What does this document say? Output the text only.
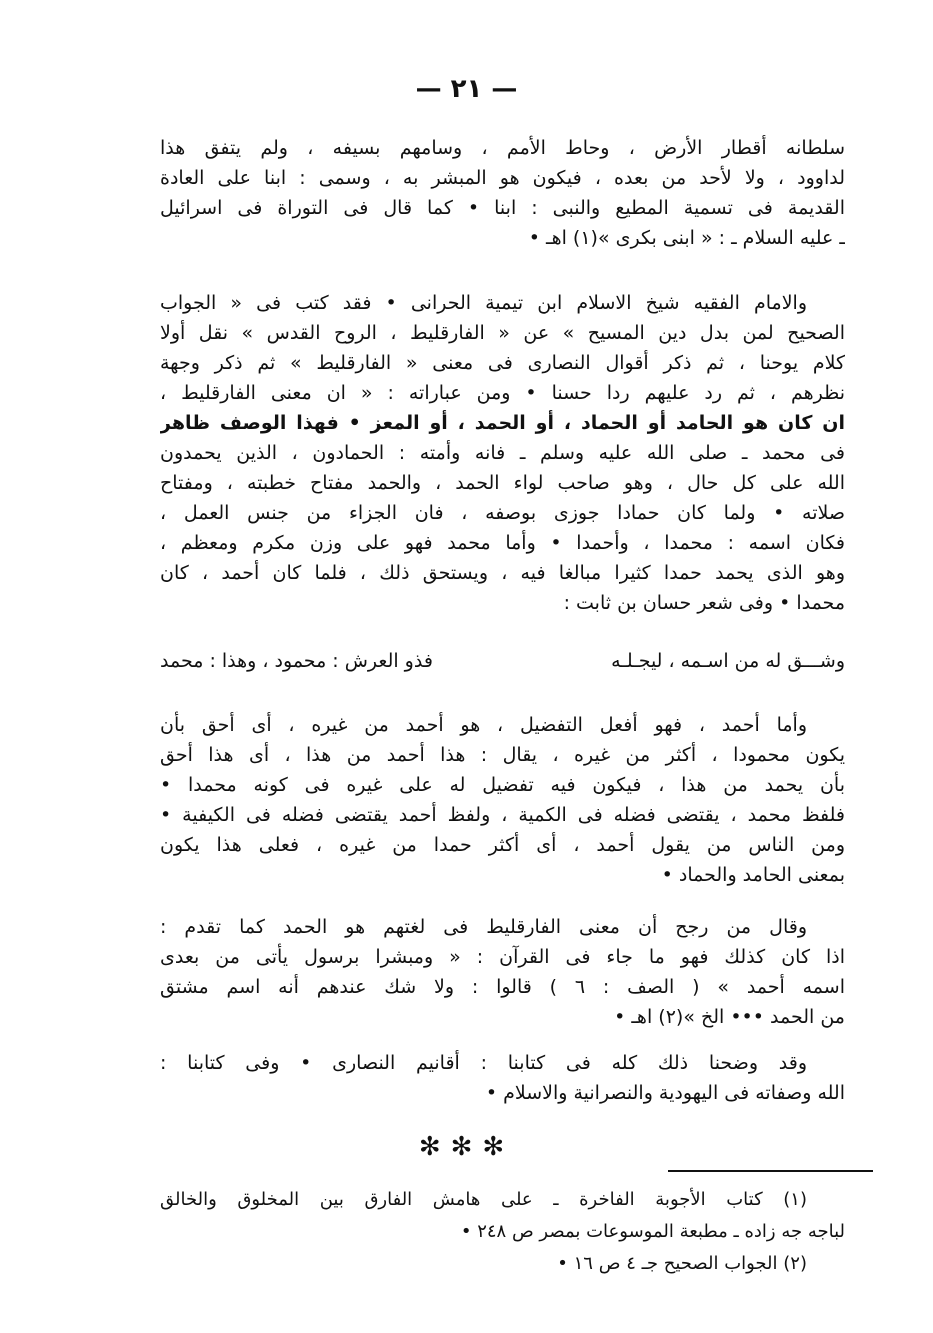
— ٢١ —
سلطانه أقطار الأرض ، وحاط الأمم ، وسامهم بسيفه ، ولم يتفق هذا
لداوود ، ولا لأحد من بعده ، فيكون هو المبشر به ، وسمى : ابنا على العادة
القديمة فى تسمية المطيع والنبى : ابنا • كما قال فى التوراة فى اسرائيل
ـ عليه السلام ـ : « ابنى بكرى »(١) اهـ •
والامام الفقيه شيخ الاسلام ابن تيمية الحرانى • فقد كتب فى « الجواب
الصحيح لمن بدل دين المسيح » عن « الفارقليط ، الروح القدس » نقل أولا
كلام يوحنا ، ثم ذكر أقوال النصارى فى معنى « الفارقليط » ثم ذكر وجهة
نظرهم ، ثم رد عليهم ردا حسنا • ومن عباراته : « ان معنى الفارقليط ،
ان كان هو الحامد أو الحماد ، أو الحمد ، أو المعز • فهذا الوصف ظاهر
فى محمد ـ صلى الله عليه وسلم ـ فانه وأمته : الحمادون ، الذين يحمدون
الله على كل حال ، وهو صاحب لواء الحمد ، والحمد مفتاح خطبته ، ومفتاح
صلاته • ولما كان حمادا جوزى بوصفه ، فان الجزاء من جنس العمل ،
فكان اسمه : محمدا ، وأحمدا • وأما محمد فهو على وزن مكرم ومعظم ،
وهو الذى يحمد حمدا كثيرا مبالغا فيه ، ويستحق ذلك ، فلما كان أحمد ، كان
محمدا • وفى شعر حسان بن ثابت :
وشـــق له من اسـمه ، ليجـلـه
فذو العرش : محمود ، وهذا : محمد
وأما أحمد ، فهو أفعل التفضيل ، هو أحمد من غيره ، أى أحق بأن
يكون محمودا ، أكثر من غيره ، يقال : هذا أحمد من هذا ، أى هذا أحق
بأن يحمد من هذا ، فيكون فيه تفضيل له على غيره فى كونه محمدا •
فلفظ محمد ، يقتضى فضله فى الكمية ، ولفظ أحمد يقتضى فضله فى الكيفية •
ومن الناس من يقول أحمد ، أى أكثر حمدا من غيره ، فعلى هذا يكون
بمعنى الحامد والحماد •
وقال من رجح أن معنى الفارقليط فى لغتهم هو الحمد كما تقدم :
اذا كان كذلك فهو ما جاء فى القرآن : « ومبشرا برسول يأتى من بعدى
اسمه أحمد » ( الصف : ٦ ) قالوا : ولا شك عندهم أنه اسم مشتق
من الحمد ••• الخ »(٢) اهـ •
وقد وضحنا ذلك كله فى كتابنا : أقانيم النصارى • وفى كتابنا :
الله وصفاته فى اليهودية والنصرانية والاسلام •
✻✻✻
(١) كتاب الأجوبة الفاخرة ـ على هامش الفارق بين المخلوق والخالق
لباجه جه زاده ـ مطبعة الموسوعات بمصر ص ٢٤٨ •
(٢) الجواب الصحيح جـ ٤ ص ١٦ •
